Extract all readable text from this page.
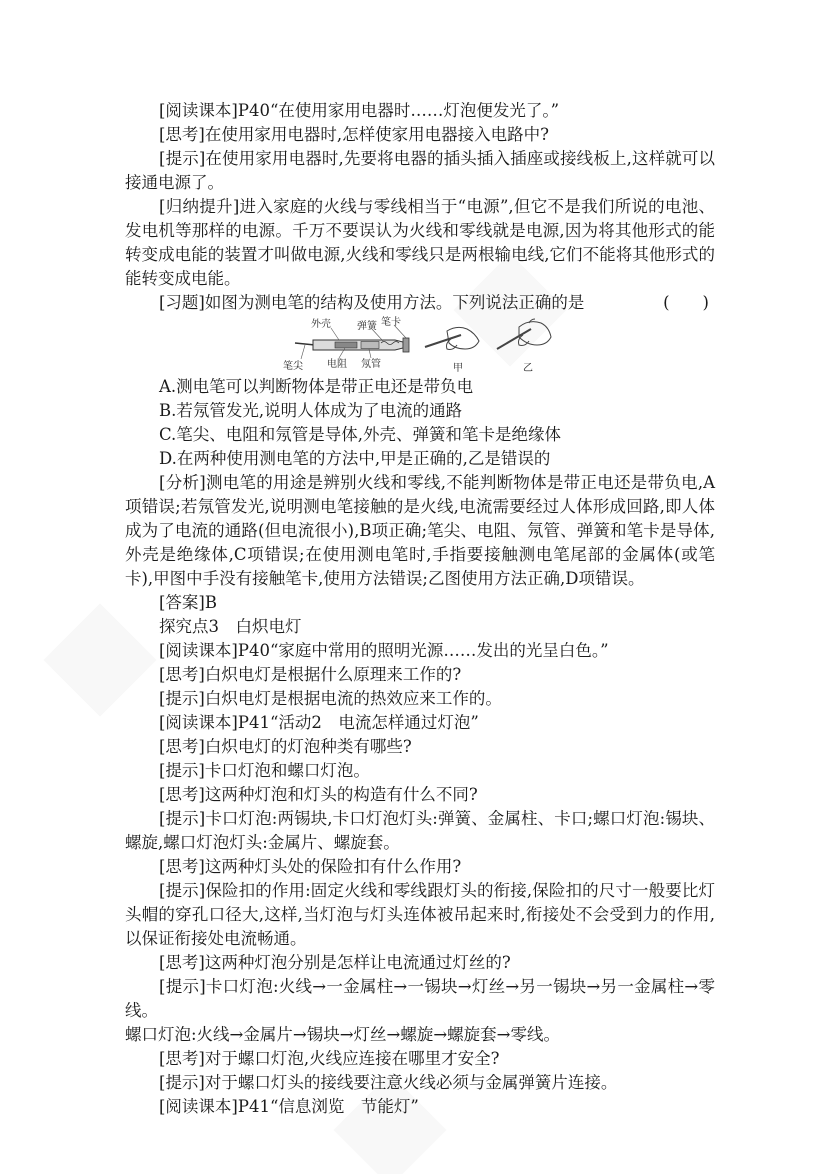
[阅读课本]P40“在使用家用电器时……灯泡便发光了。”

[思考]在使用家用电器时,怎样使家用电器接入电路中?

[提示]在使用家用电器时,先要将电器的插头插入插座或接线板上,这样就可以接通电源了。

[归纳提升]进入家庭的火线与零线相当于“电源”,但它不是我们所说的电池、发电机等那样的电源。千万不要误认为火线和零线就是电源,因为将其他形式的能转变成电能的装置才叫做电源,火线和零线只是两根输电线,它们不能将其他形式的能转变成电能。

[习题]如图为测电笔的结构及使用方法。下列说法正确的是	(　　)

外壳	弹簧 笔卡
笔尖 电阻 氖管	甲	乙

A.测电笔可以判断物体是带正电还是带负电

B.若氖管发光,说明人体成为了电流的通路

C.笔尖、电阻和氖管是导体,外壳、弹簧和笔卡是绝缘体

D.在两种使用测电笔的方法中,甲是正确的,乙是错误的

[分析]测电笔的用途是辨别火线和零线,不能判断物体是带正电还是带负电,A项错误;若氖管发光,说明测电笔接触的是火线,电流需要经过人体形成回路,即人体成为了电流的通路(但电流很小),B项正确;笔尖、电阻、氖管、弹簧和笔卡是导体,外壳是绝缘体,C项错误;在使用测电笔时,手指要接触测电笔尾部的金属体(或笔卡),甲图中手没有接触笔卡,使用方法错误;乙图使用方法正确,D项错误。

[答案]B

探究点3　白炽电灯

[阅读课本]P40“家庭中常用的照明光源……发出的光呈白色。”

[思考]白炽电灯是根据什么原理来工作的?

[提示]白炽电灯是根据电流的热效应来工作的。

[阅读课本]P41“活动2　电流怎样通过灯泡”

[思考]白炽电灯的灯泡种类有哪些?

[提示]卡口灯泡和螺口灯泡。

[思考]这两种灯泡和灯头的构造有什么不同?

[提示]卡口灯泡:两锡块,卡口灯泡灯头:弹簧、金属柱、卡口;螺口灯泡:锡块、螺旋,螺口灯泡灯头:金属片、螺旋套。

[思考]这两种灯头处的保险扣有什么作用?

[提示]保险扣的作用:固定火线和零线跟灯头的衔接,保险扣的尺寸一般要比灯头帽的穿孔口径大,这样,当灯泡与灯头连体被吊起来时,衔接处不会受到力的作用,以保证衔接处电流畅通。

[思考]这两种灯泡分别是怎样让电流通过灯丝的?

[提示]卡口灯泡:火线→一金属柱→一锡块→灯丝→另一锡块→另一金属柱→零线。

螺口灯泡:火线→金属片→锡块→灯丝→螺旋→螺旋套→零线。

[思考]对于螺口灯泡,火线应连接在哪里才安全?

[提示]对于螺口灯头的接线要注意火线必须与金属弹簧片连接。

[阅读课本]P41“信息浏览　节能灯”
